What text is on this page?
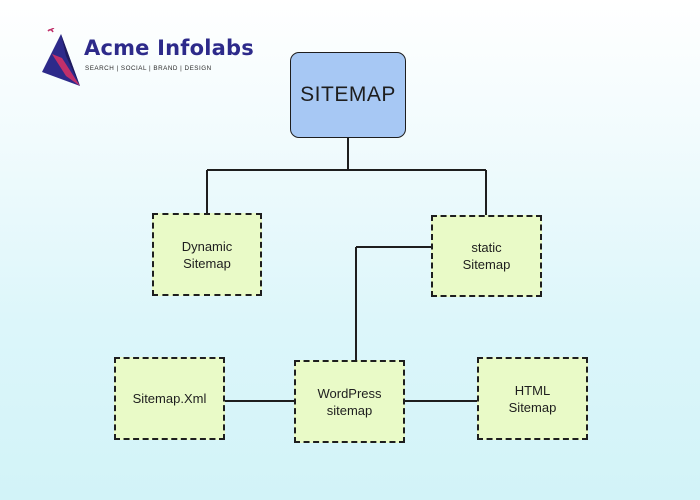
Acme Infolabs
SEARCH | SOCIAL | BRAND | DESIGN
SITEMAP
Dynamic
Sitemap
static
Sitemap
Sitemap.Xml	WordPress
sitemap
HTML
Sitemap
